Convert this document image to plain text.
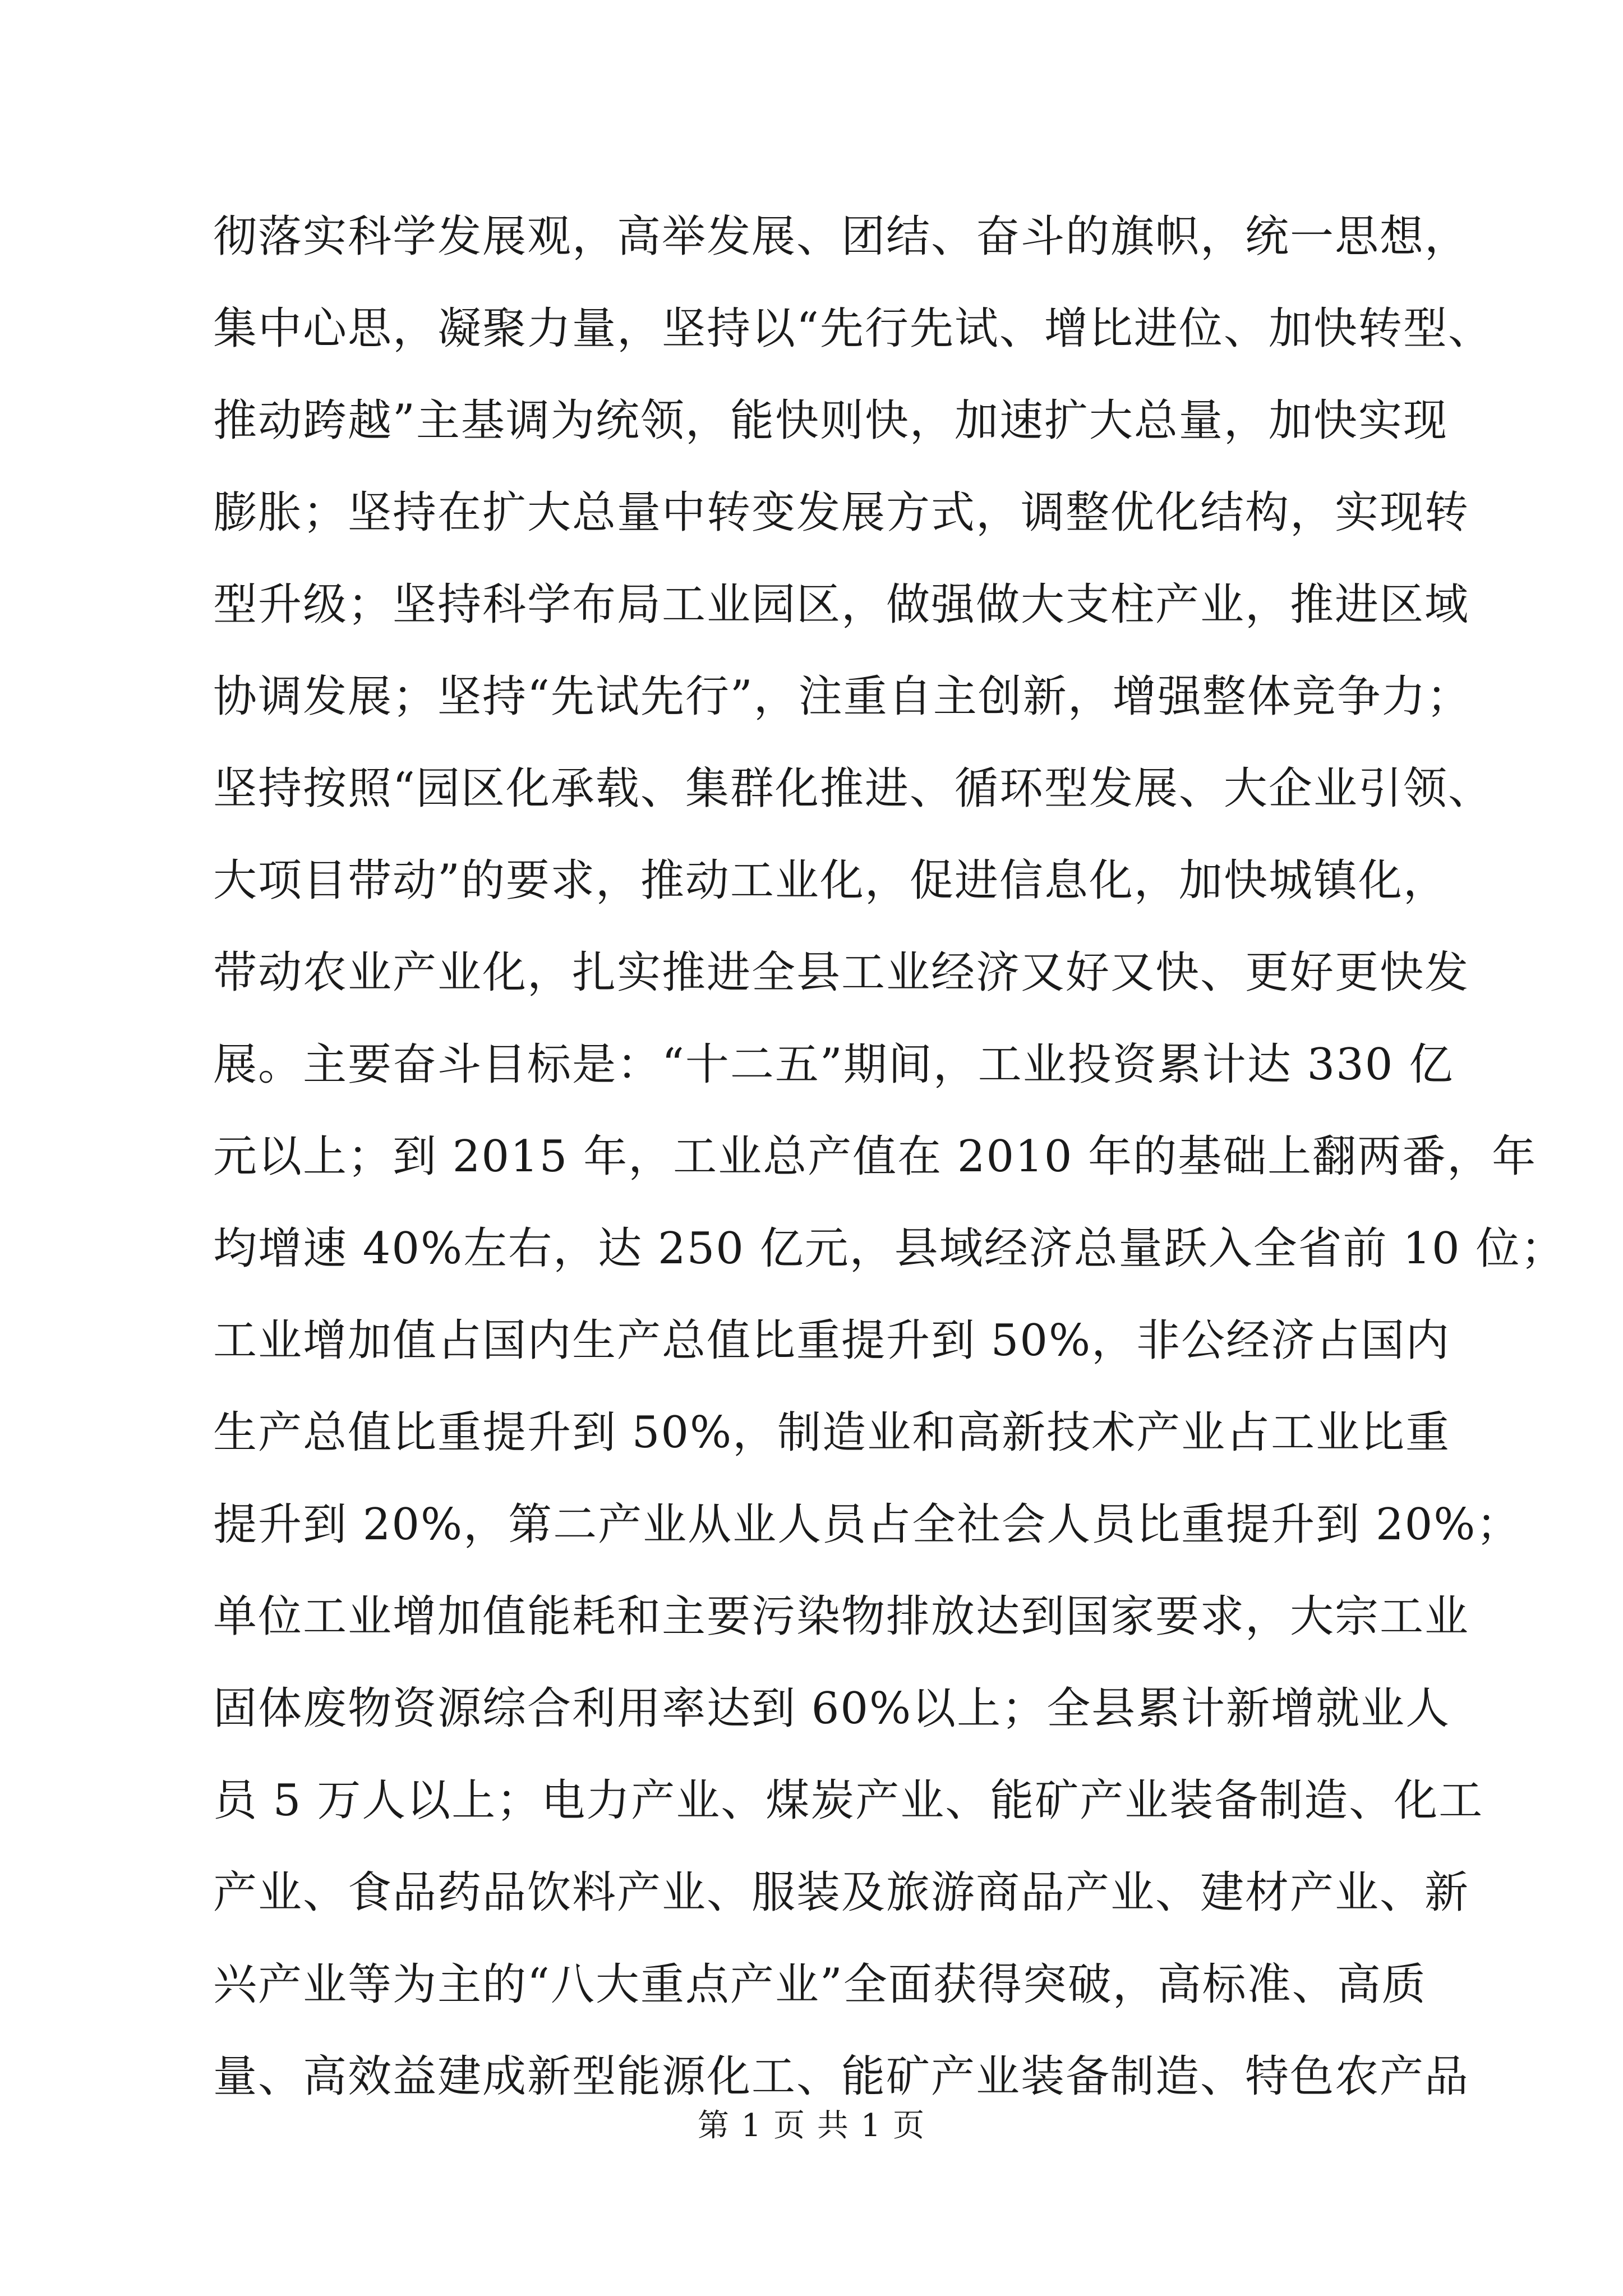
彻落实科学发展观，高举发展、团结、奋斗的旗帜，统一思想，
集中心思，凝聚力量，坚持以“先行先试、增比进位、加快转型、
推动跨越”主基调为统领，能快则快，加速扩大总量，加快实现
膨胀；坚持在扩大总量中转变发展方式，调整优化结构，实现转
型升级；坚持科学布局工业园区，做强做大支柱产业，推进区域
协调发展；坚持“先试先行”，注重自主创新，增强整体竞争力；
坚持按照“园区化承载、集群化推进、循环型发展、大企业引领、
大项目带动”的要求，推动工业化，促进信息化，加快城镇化，
带动农业产业化，扎实推进全县工业经济又好又快、更好更快发
展。主要奋斗目标是：“十二五”期间，工业投资累计达 330 亿
元以上；到 2015 年，工业总产值在 2010 年的基础上翻两番，年
均增速 40%左右，达 250 亿元，县域经济总量跃入全省前 10 位；
工业增加值占国内生产总值比重提升到 50%，非公经济占国内
生产总值比重提升到 50%，制造业和高新技术产业占工业比重
提升到 20%，第二产业从业人员占全社会人员比重提升到 20%；
单位工业增加值能耗和主要污染物排放达到国家要求，大宗工业
固体废物资源综合利用率达到 60%以上；全县累计新增就业人
员 5 万人以上；电力产业、煤炭产业、能矿产业装备制造、化工
产业、食品药品饮料产业、服装及旅游商品产业、建材产业、新
兴产业等为主的“八大重点产业”全面获得突破，高标准、高质
量、高效益建成新型能源化工、能矿产业装备制造、特色农产品
第 1 页 共 1 页
